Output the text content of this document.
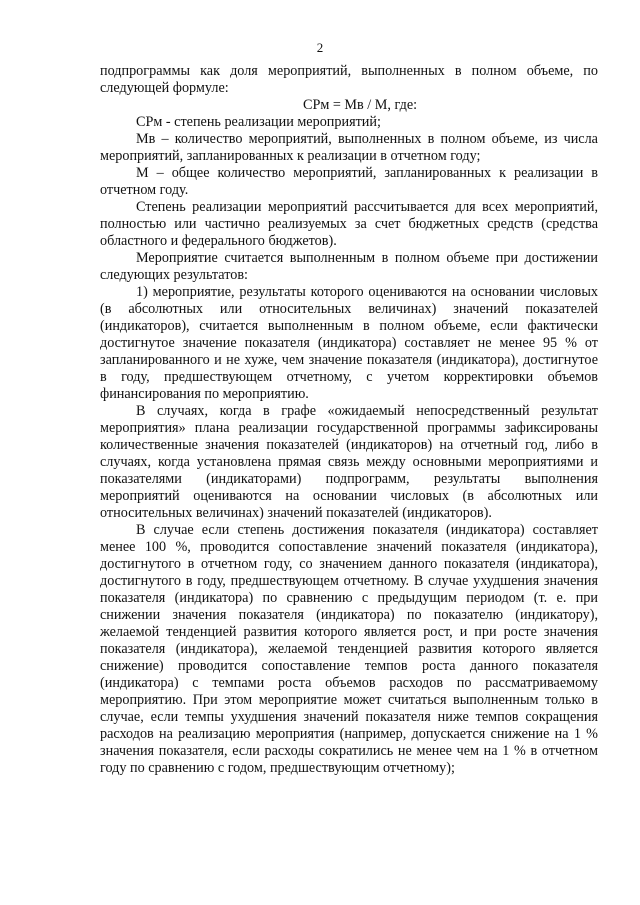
2

подпрограммы как доля мероприятий, выполненных в полном объеме, по следующей формуле:

СРм = Мв / М, где:

СРм - степень реализации мероприятий;

Мв – количество мероприятий, выполненных в полном объеме, из числа мероприятий, запланированных к реализации в отчетном году;

М – общее количество мероприятий, запланированных к реализации в отчетном году.

Степень реализации мероприятий рассчитывается для всех мероприятий, полностью или частично реализуемых за счет бюджетных средств (средства областного и федерального бюджетов).

Мероприятие считается выполненным в полном объеме при достижении следующих результатов:

1) мероприятие, результаты которого оцениваются на основании числовых (в абсолютных или относительных величинах) значений показателей (индикаторов), считается выполненным в полном объеме, если фактически достигнутое значение показателя (индикатора) составляет не менее 95 % от запланированного и не хуже, чем значение показателя (индикатора), достигнутое в году, предшествующем отчетному, с учетом корректировки объемов финансирования по мероприятию.

В случаях, когда в графе «ожидаемый непосредственный результат мероприятия» плана реализации государственной программы зафиксированы количественные значения показателей (индикаторов) на отчетный год, либо в случаях, когда установлена прямая связь между основными мероприятиями и показателями (индикаторами) подпрограмм, результаты выполнения мероприятий оцениваются на основании числовых (в абсолютных или относительных величинах) значений показателей (индикаторов).

В случае если степень достижения показателя (индикатора) составляет менее 100 %, проводится сопоставление значений показателя (индикатора), достигнутого в отчетном году, со значением данного показателя (индикатора), достигнутого в году, предшествующем отчетному. В случае ухудшения значения показателя (индикатора) по сравнению с предыдущим периодом (т. е. при снижении значения показателя (индикатора) по показателю (индикатору), желаемой тенденцией развития которого является рост, и при росте значения показателя (индикатора), желаемой тенденцией развития которого является снижение) проводится сопоставление темпов роста данного показателя (индикатора) с темпами роста объемов расходов по рассматриваемому мероприятию. При этом мероприятие может считаться выполненным только в случае, если темпы ухудшения значений показателя ниже темпов сокращения расходов на реализацию мероприятия (например, допускается снижение на 1 % значения показателя, если расходы сократились не менее чем на 1 % в отчетном году по сравнению с годом, предшествующим отчетному);
